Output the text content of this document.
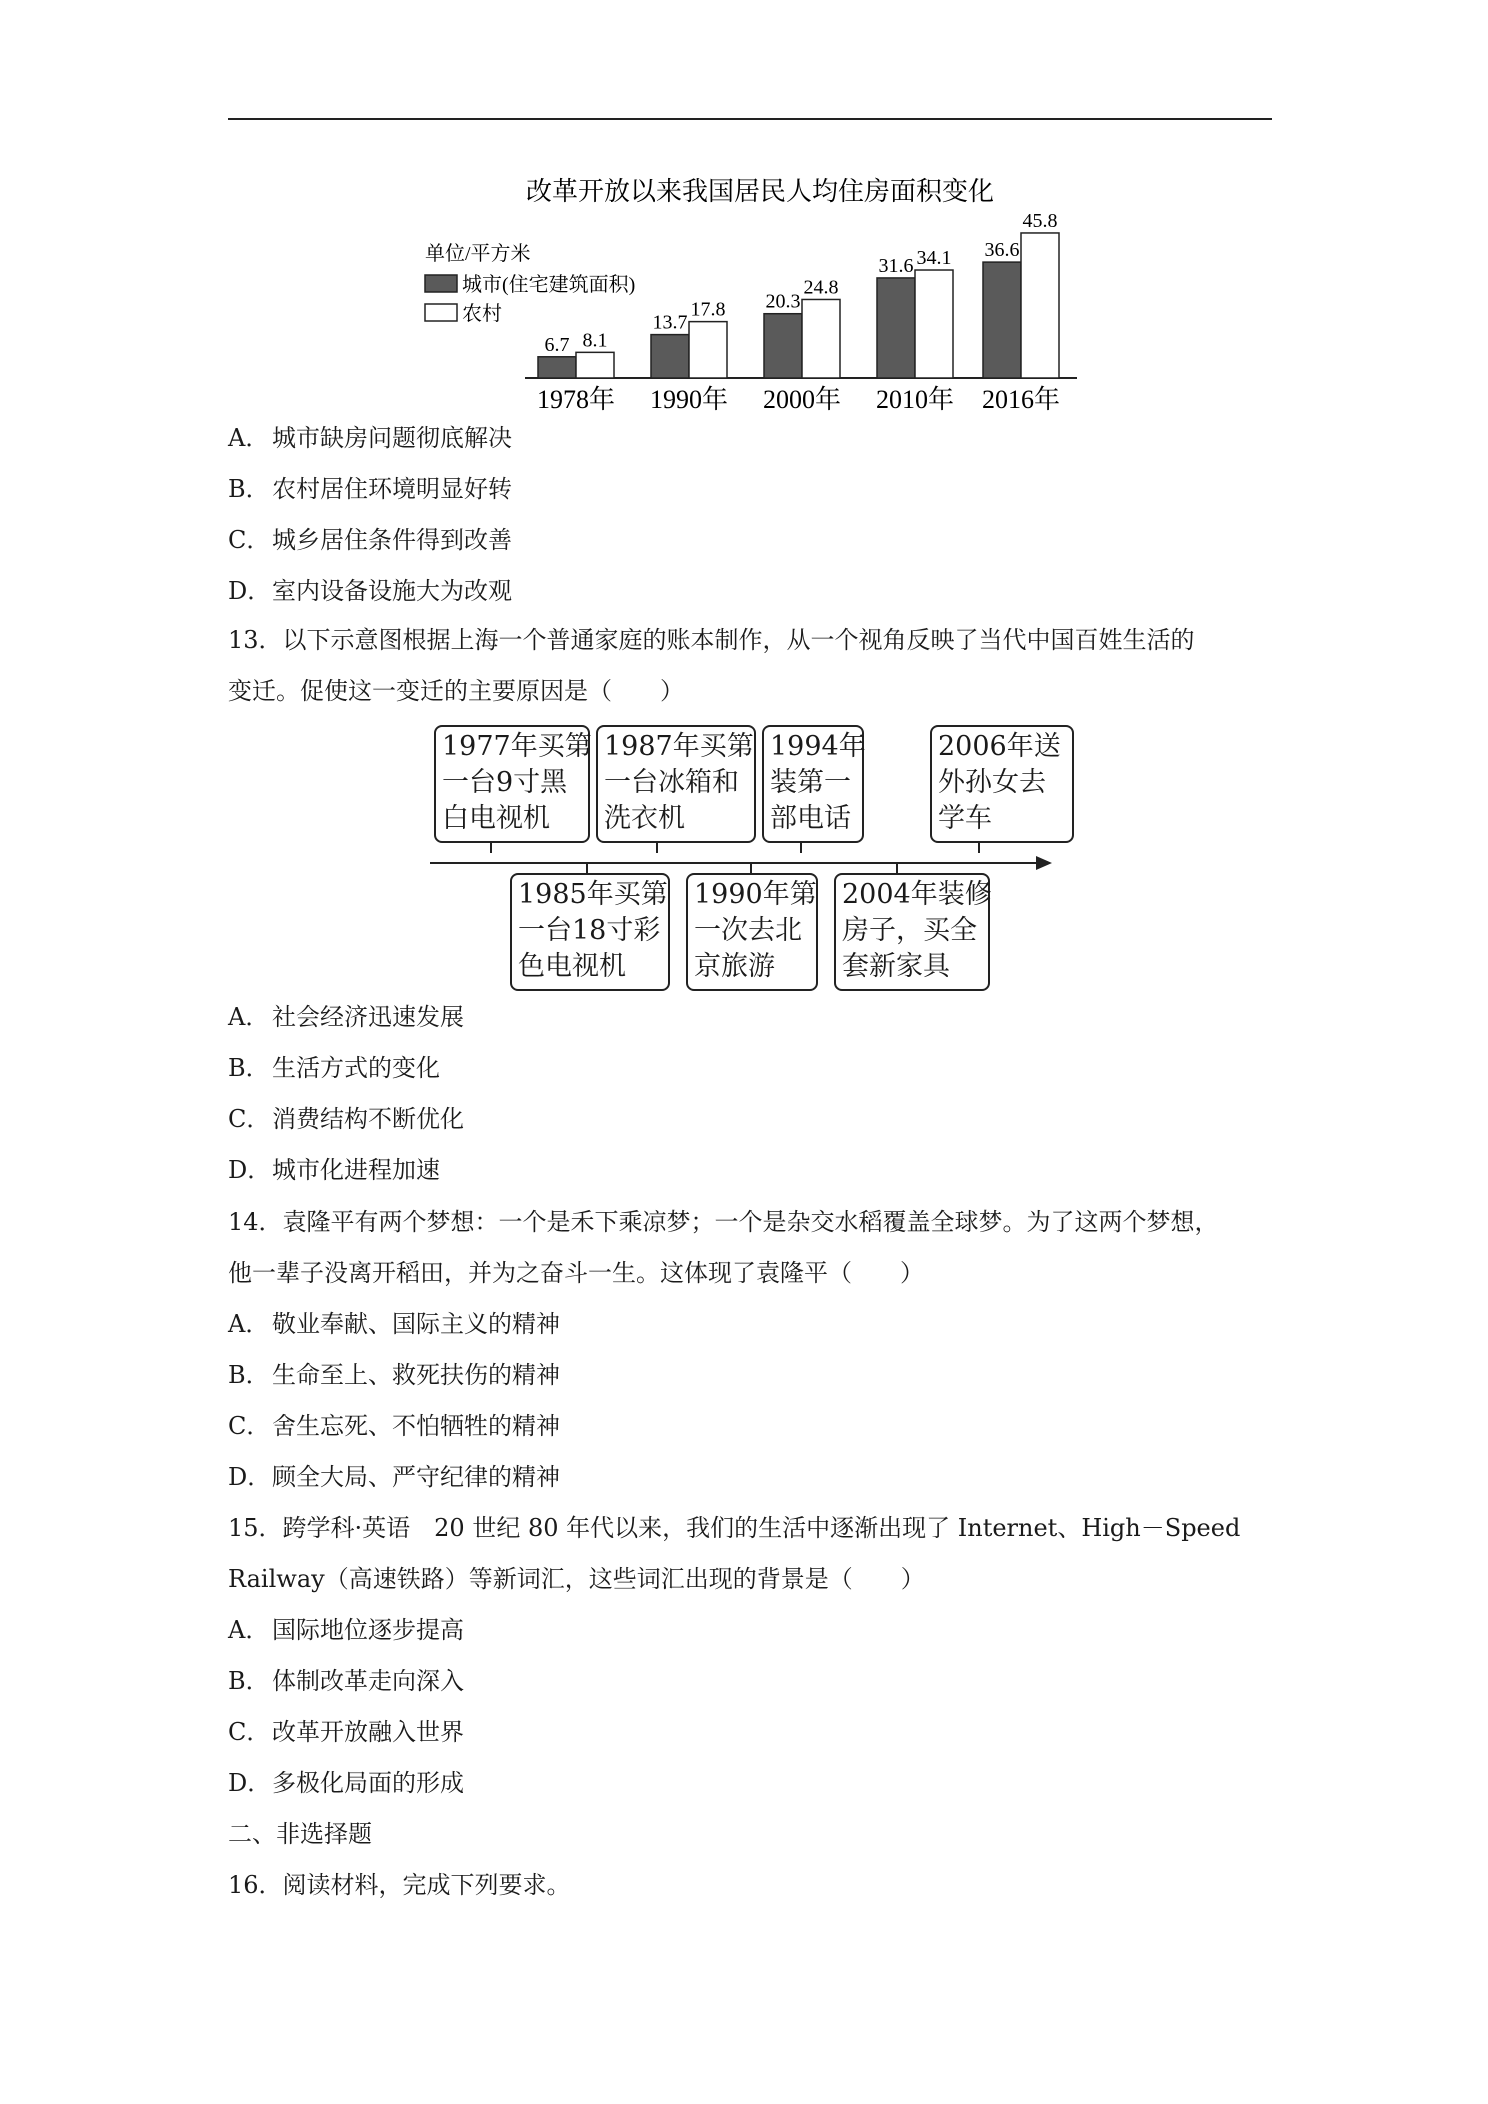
改革开放以来我国居民人均住房面积变化
单位/平方米
城市(住宅建筑面积)
农村
6.7 8.1
1978年
13.7
17.8
1990年
20.3
24.8
2000年
31.6 34.1
2010年
36.6
45.8
2016年
A． 城市缺房问题彻底解决
B．农村居住环境明显好转
C．城乡居住条件得到改善
D．室内设备设施大为改观
13．以下示意图根据上海一个普通家庭的账本制作，从一个视角反映了当代中国百姓生活的
变迁。促使这一变迁的主要原因是（　　）
1977年买第
一台9寸黑
白电视机
1987年买第
一台冰箱和
洗衣机
1994年
装第一
部电话
2006年送
外孙女去
学车
1985年买第
一台18寸彩
色电视机
1990年第
一次去北
京旅游
2004年装修
房子，买全
套新家具
A． 社会经济迅速发展
B．生活方式的变化
C．消费结构不断优化
D．城市化进程加速
14．袁隆平有两个梦想：一个是禾下乘凉梦；一个是杂交水稻覆盖全球梦。为了这两个梦想，
他一辈子没离开稻田，并为之奋斗一生。这体现了袁隆平（　　）
A． 敬业奉献、国际主义的精神
B．生命至上、救死扶伤的精神
C．舍生忘死、不怕牺牲的精神
D．顾全大局、严守纪律的精神
15．跨学科·英语　20 世纪 80 年代以来，我们的生活中逐渐出现了 Internet、High－Speed
Railway（高速铁路）等新词汇，这些词汇出现的背景是（　　）
A． 国际地位逐步提高
B．体制改革走向深入
C．改革开放融入世界
D．多极化局面的形成
二、非选择题
16．阅读材料，完成下列要求。
